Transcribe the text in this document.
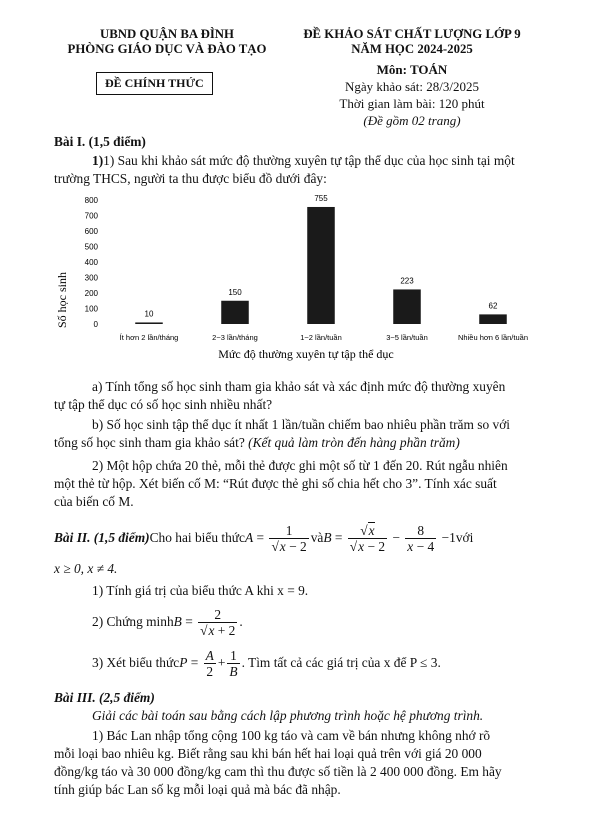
UBND QUẬN BA ĐÌNH
PHÒNG GIÁO DỤC VÀ ĐÀO TẠO
ĐỀ CHÍNH THỨC
ĐỀ KHẢO SÁT CHẤT LƯỢNG LỚP 9
NĂM HỌC 2024-2025
Môn: TOÁN
Ngày khảo sát: 28/3/2025
Thời gian làm bài: 120 phút
(Đề gồm 02 trang)
Bài I. (1,5 điểm)

1)1) Sau khi khảo sát mức độ thường xuyên tự tập thể dục của học sinh tại một

trường THCS, người ta thu được biểu đồ dưới đây:

0
100
200
300
400
500
600
700
800
10
150
755
223
62
Ít hơn 2 lần/tháng	2~3 lần/tháng	1~2 lần/tuần	3~5 lần/tuần	Nhiều hơn 6 lần/tuần
Số học sinh
Mức độ thường xuyên tự tập thể dục

a) Tính tổng số học sinh tham gia khảo sát và xác định mức độ thường xuyên

tự tập thể dục có số học sinh nhiều nhất?

b) Số học sinh tập thể dục ít nhất 1 lần/tuần chiếm bao nhiêu phần trăm so với

tổng số học sinh tham gia khảo sát? (Kết quả làm tròn đến hàng phần trăm)

2) Một hộp chứa 20 thẻ, mỗi thẻ được ghi một số từ 1 đến 20. Rút ngẫu nhiên

một thẻ từ hộp. Xét biến cố M: “Rút được thẻ ghi số chia hết cho 3”. Tính xác suất

của biến cố M.

Bài II. (1,5 điểm) Cho hai biểu thức $A = \frac{1}{√x - 2}$ và $B = \frac{√x}{√x - 2} - \frac{8}{x - 4} -1$ với
x ≥ 0, x ≠ 4.
1) Tính giá trị của biểu thức A khi x = 9.
2) Chứng minh $B = \frac{2}{√x + 2}$ .
3) Xét biểu thức $P = \frac{A}{2} + \frac{1}{B}$ . Tìm tất cả các giá trị của x để P ≤ 3.
Bài III. (2,5 điểm)
Giải các bài toán sau bằng cách lập phương trình hoặc hệ phương trình.

1) Bác Lan nhập tổng cộng 100 kg táo và cam về bán nhưng không nhớ rõ

mỗi loại bao nhiêu kg. Biết rằng sau khi bán hết hai loại quả trên với giá 20 000

đồng/kg táo và 30 000 đồng/kg cam thì thu được số tiền là 2 400 000 đồng. Em hãy

tính giúp bác Lan số kg mỗi loại quả mà bác đã nhập.
